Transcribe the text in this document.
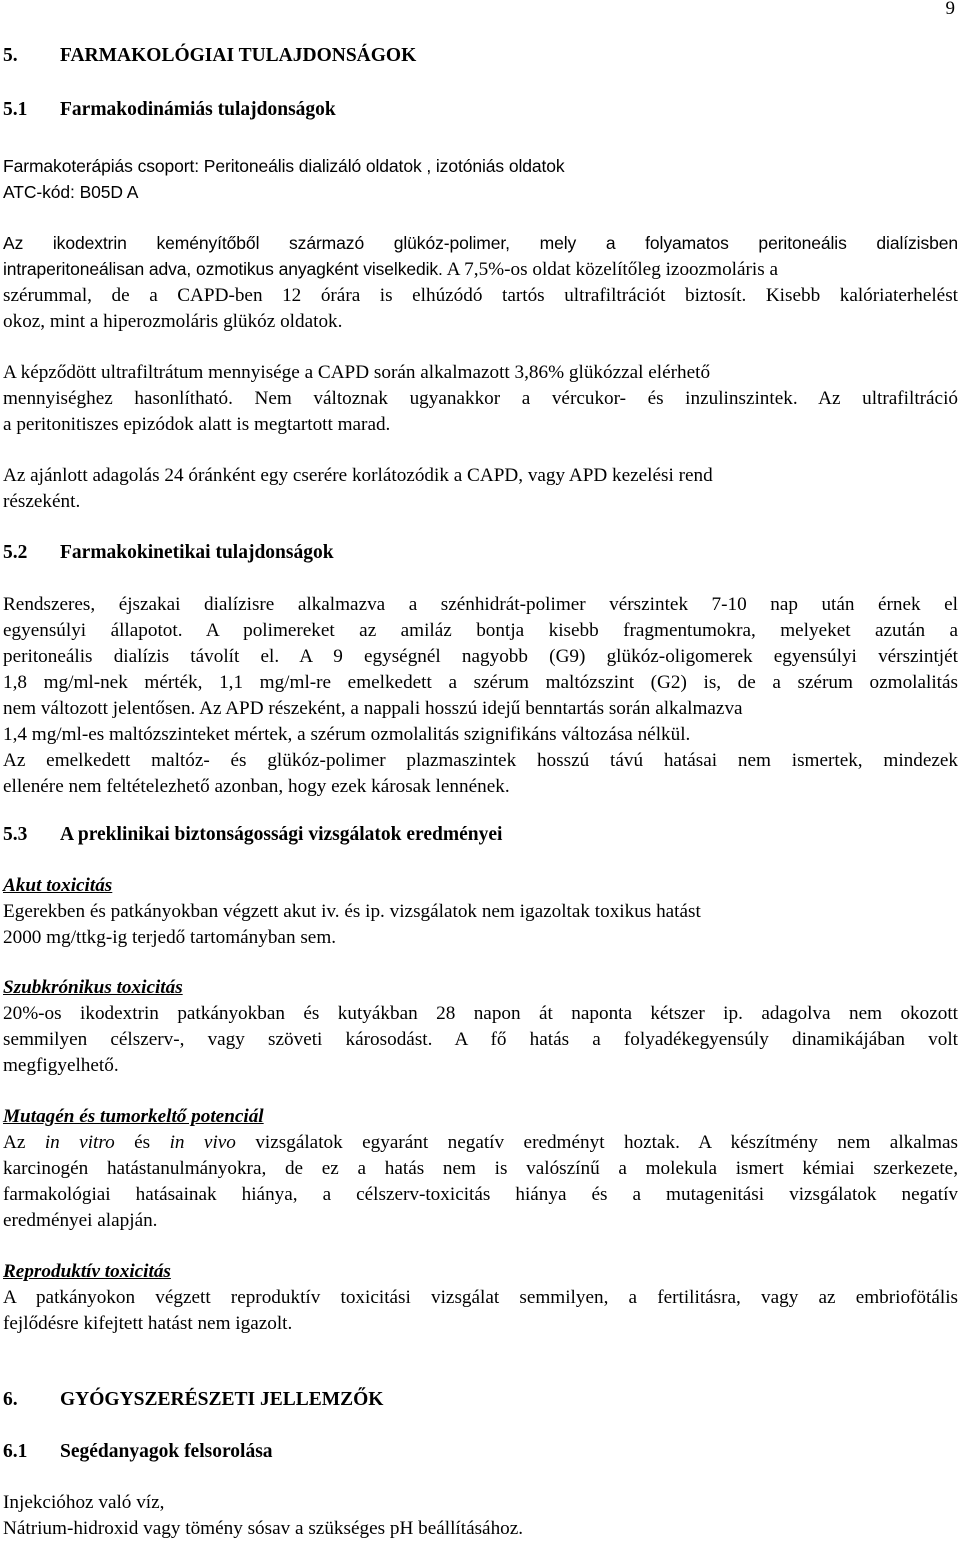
9
5. FARMAKOLÓGIAI TULAJDONSÁGOK
5.1 Farmakodinámiás tulajdonságok
Farmakoterápiás csoport: Peritoneális dializáló oldatok , izotóniás oldatok
ATC-kód: B05D A
Az ikodextrin keményítőből származó glükóz-polimer, mely a folyamatos peritoneális dialízisben
intraperitoneálisan adva, ozmotikus anyagként viselkedik. A 7,5%-os oldat közelítőleg izoozmoláris a
szérummal, de a CAPD-ben 12 órára is elhúzódó tartós ultrafiltrációt biztosít. Kisebb kalóriaterhelést
okoz, mint a hiperozmoláris glükóz oldatok.
A képződött ultrafiltrátum mennyisége a CAPD során alkalmazott 3,86% glükózzal elérhető
mennyiséghez hasonlítható. Nem változnak ugyanakkor a vércukor- és inzulinszintek. Az ultrafiltráció
a peritonitiszes epizódok alatt is megtartott marad.
Az ajánlott adagolás 24 óránként egy cserére korlátozódik a CAPD, vagy APD kezelési rend
részeként.
5.2 Farmakokinetikai tulajdonságok
Rendszeres, éjszakai dialízisre alkalmazva a szénhidrát-polimer vérszintek 7-10 nap után érnek el
egyensúlyi állapotot. A polimereket az amiláz bontja kisebb fragmentumokra, melyeket azután a
peritoneális dialízis távolít el. A 9 egységnél nagyobb (G9) glükóz-oligomerek egyensúlyi vérszintjét
1,8 mg/ml-nek mérték, 1,1 mg/ml-re emelkedett a szérum maltózszint (G2) is, de a szérum ozmolalitás
nem változott jelentősen. Az APD részeként, a nappali hosszú idejű benntartás során alkalmazva
1,4 mg/ml-es maltózszinteket mértek, a szérum ozmolalitás szignifikáns változása nélkül.
Az emelkedett maltóz- és glükóz-polimer plazmaszintek hosszú távú hatásai nem ismertek, mindezek
ellenére nem feltételezhető azonban, hogy ezek károsak lennének.
5.3 A preklinikai biztonságossági vizsgálatok eredményei
Akut toxicitás
Egerekben és patkányokban végzett akut iv. és ip. vizsgálatok nem igazoltak toxikus hatást
2000 mg/ttkg-ig terjedő tartományban sem.
Szubkrónikus toxicitás
20%-os ikodextrin patkányokban és kutyákban 28 napon át naponta kétszer ip. adagolva nem okozott
semmilyen célszerv-, vagy szöveti károsodást. A fő hatás a folyadékegyensúly dinamikájában volt
megfigyelhető.
Mutagén és tumorkeltő potenciál
Az in vitro és in vivo vizsgálatok egyaránt negatív eredményt hoztak. A készítmény nem alkalmas
karcinogén hatástanulmányokra, de ez a hatás nem is valószínű a molekula ismert kémiai szerkezete,
farmakológiai hatásainak hiánya, a célszerv-toxicitás hiánya és a mutagenitási vizsgálatok negatív
eredményei alapján.
Reproduktív toxicitás
A patkányokon végzett reproduktív toxicitási vizsgálat semmilyen, a fertilitásra, vagy az embriofötális
fejlődésre kifejtett hatást nem igazolt.
6. GYÓGYSZERÉSZETI JELLEMZŐK
6.1 Segédanyagok felsorolása
Injekcióhoz való víz,
Nátrium-hidroxid vagy tömény sósav a szükséges pH beállításához.
